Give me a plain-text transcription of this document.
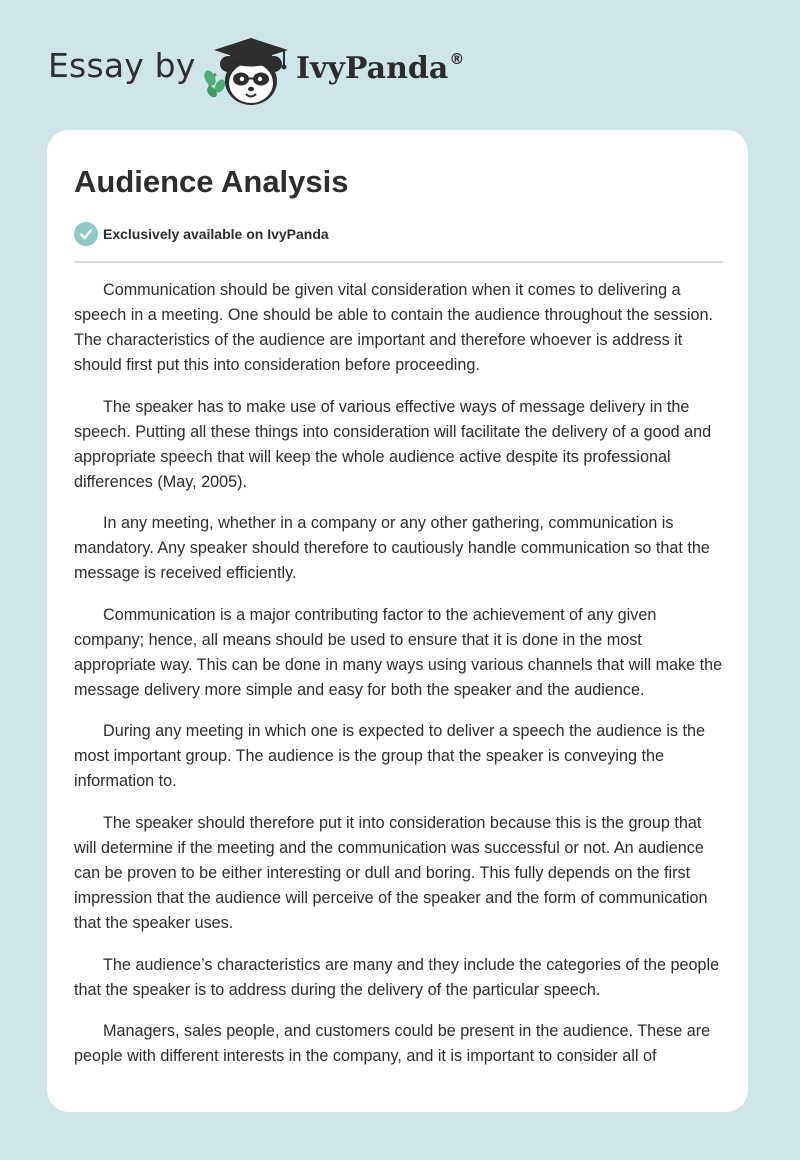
Essay by	IvyPanda®
Audience Analysis
Exclusively available on IvyPanda

Communication should be given vital consideration when it comes to delivering a speech in a meeting. One should be able to contain the audience throughout the session. The characteristics of the audience are important and therefore whoever is address it should first put this into consideration before proceeding.

The speaker has to make use of various effective ways of message delivery in the speech. Putting all these things into consideration will facilitate the delivery of a good and appropriate speech that will keep the whole audience active despite its professional differences (May, 2005).

In any meeting, whether in a company or any other gathering, communication is mandatory. Any speaker should therefore to cautiously handle communication so that the message is received efficiently.

Communication is a major contributing factor to the achievement of any given company; hence, all means should be used to ensure that it is done in the most appropriate way. This can be done in many ways using various channels that will make the message delivery more simple and easy for both the speaker and the audience.

During any meeting in which one is expected to deliver a speech the audience is the most important group. The audience is the group that the speaker is conveying the information to.

The speaker should therefore put it into consideration because this is the group that will determine if the meeting and the communication was successful or not. An audience can be proven to be either interesting or dull and boring. This fully depends on the first impression that the audience will perceive of the speaker and the form of communication that the speaker uses.

The audience’s characteristics are many and they include the categories of the people that the speaker is to address during the delivery of the particular speech.

Managers, sales people, and customers could be present in the audience. These are people with different interests in the company, and it is important to consider all of
